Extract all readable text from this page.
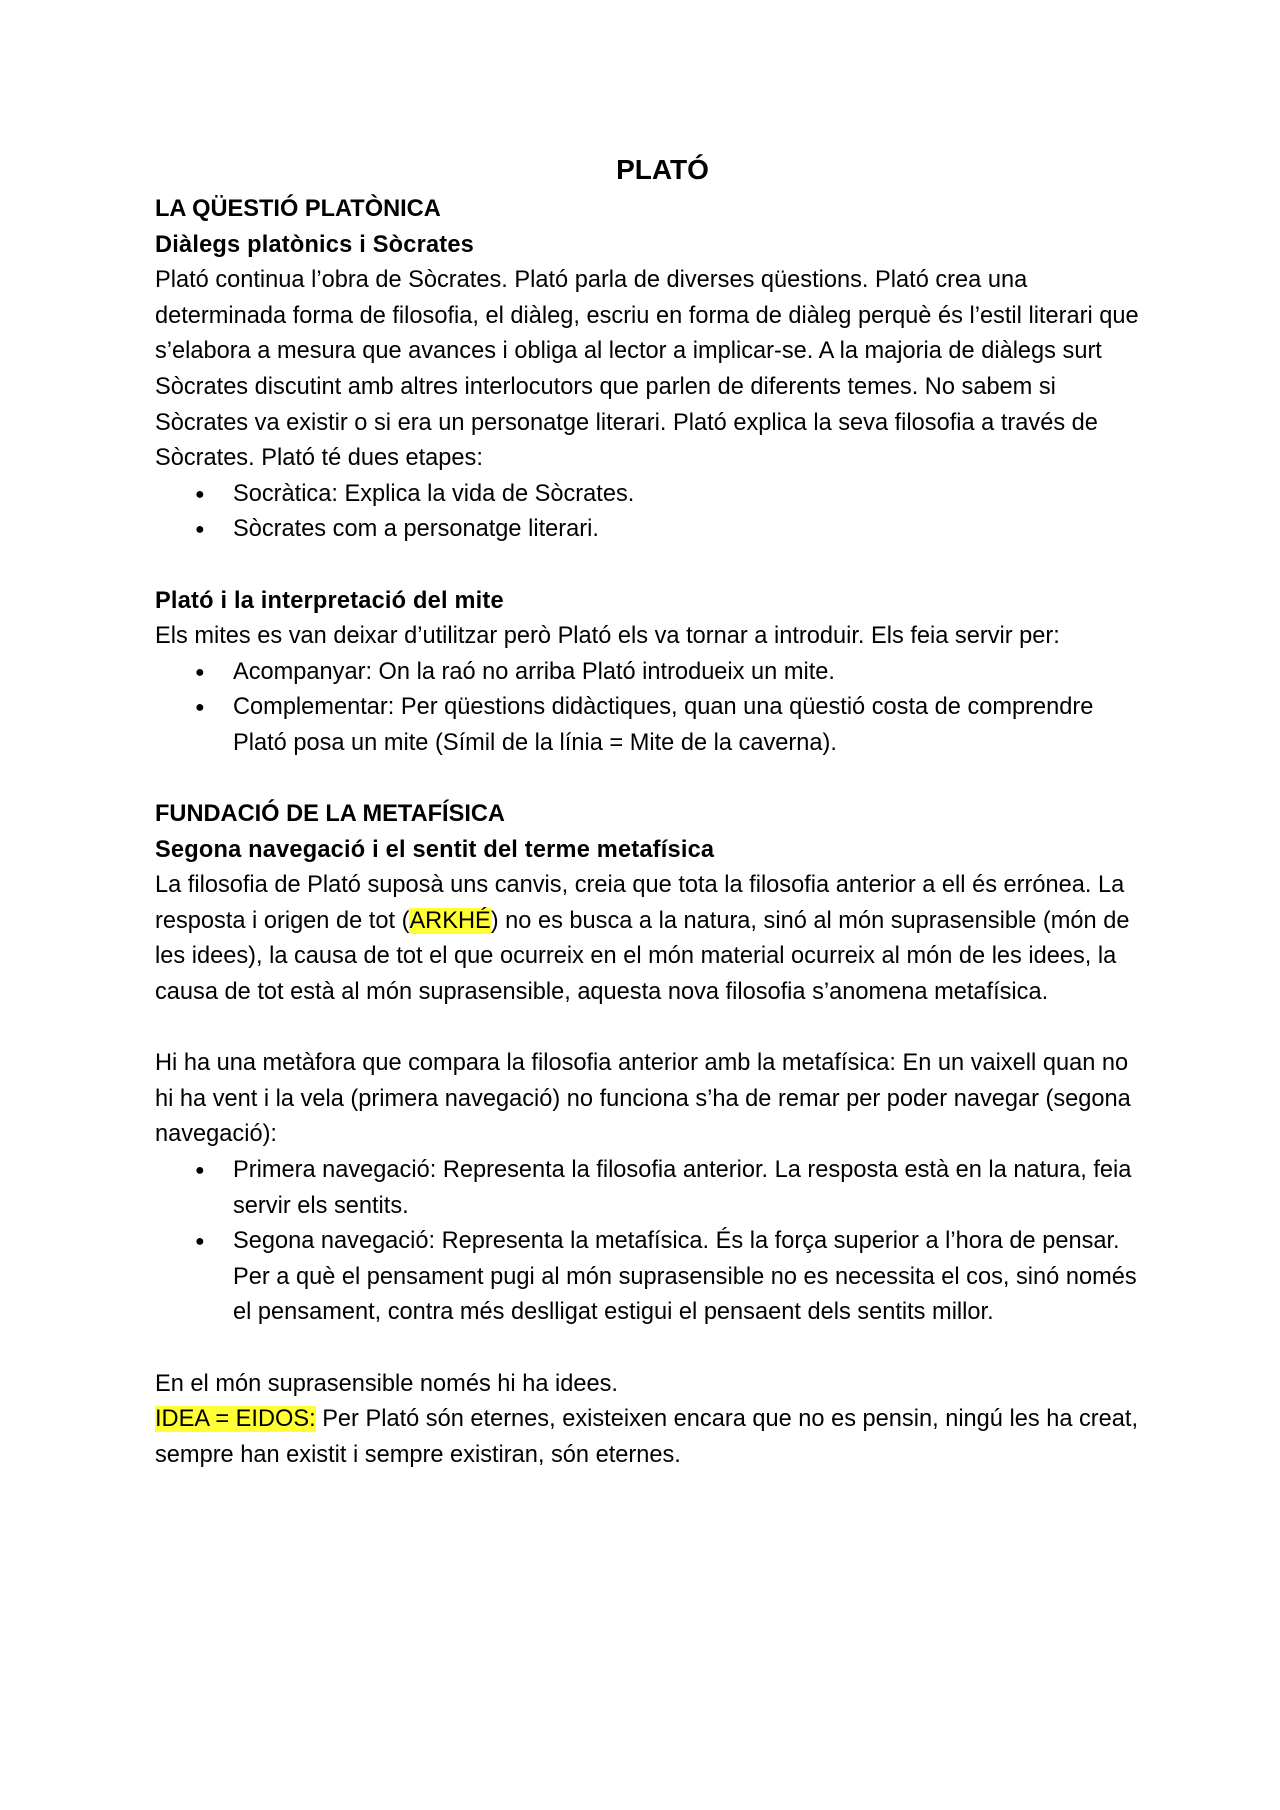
PLATÓ
LA QÜESTIÓ PLATÒNICA
Diàlegs platònics i Sòcrates

Plató continua l’obra de Sòcrates. Plató parla de diverses qüestions. Plató crea una determinada forma de filosofia, el diàleg, escriu en forma de diàleg perquè és l’estil literari que s’elabora a mesura que avances i obliga al lector a implicar-se. A la majoria de diàlegs surt Sòcrates discutint amb altres interlocutors que parlen de diferents temes. No sabem si Sòcrates va existir o si era un personatge literari. Plató explica la seva filosofia a través de Sòcrates. Plató té dues etapes:

● Socràtica: Explica la vida de Sòcrates.
● Sòcrates com a personatge literari.
Plató i la interpretació del mite

Els mites es van deixar d’utilitzar però Plató els va tornar a introduir. Els feia servir per:

● Acompanyar: On la raó no arriba Plató introdueix un mite.
● Complementar: Per qüestions didàctiques, quan una qüestió costa de comprendre Plató posa un mite (Símil de la línia = Mite de la caverna).
FUNDACIÓ DE LA METAFÍSICA
Segona navegació i el sentit del terme metafísica

La filosofia de Plató suposà uns canvis, creia que tota la filosofia anterior a ell és errónea. La resposta i origen de tot (ARKHÉ) no es busca a la natura, sinó al món suprasensible (món de les idees), la causa de tot el que ocurreix en el món material ocurreix al món de les idees, la causa de tot està al món suprasensible, aquesta nova filosofia s’anomena metafísica.

Hi ha una metàfora que compara la filosofia anterior amb la metafísica: En un vaixell quan no hi ha vent i la vela (primera navegació) no funciona s’ha de remar per poder navegar (segona navegació):

● Primera navegació: Representa la filosofia anterior. La resposta està en la natura, feia servir els sentits.
● Segona navegació: Representa la metafísica. És la força superior a l’hora de pensar. Per a què el pensament pugi al món suprasensible no es necessita el cos, sinó només el pensament, contra més deslligat estigui el pensaent dels sentits millor.

En el món suprasensible només hi ha idees.

IDEA = EIDOS: Per Plató són eternes, existeixen encara que no es pensin, ningú les ha creat, sempre han existit i sempre existiran, són eternes.
